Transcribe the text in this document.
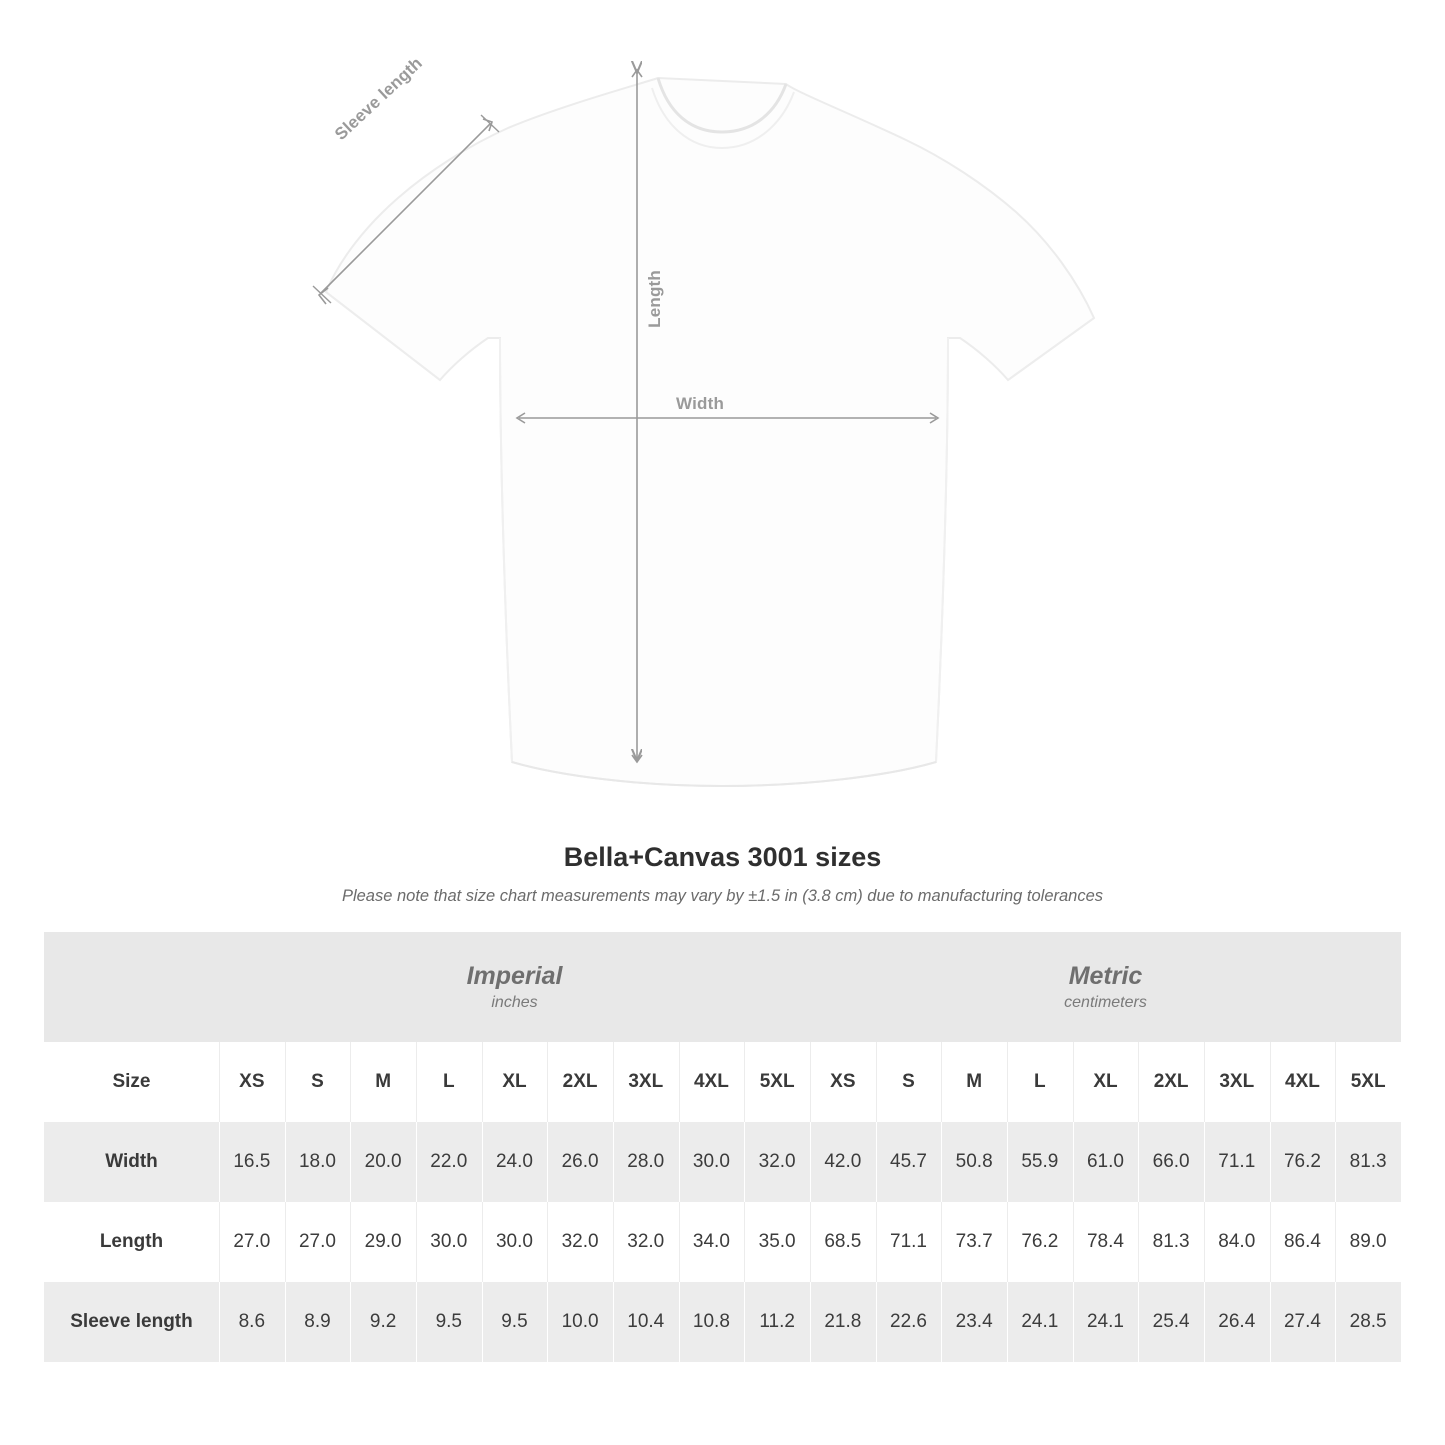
Length
Width
Sleeve length
Bella+Canvas 3001 sizes

Please note that size chart measurements may vary by ±1.5 in (3.8 cm) due to manufacturing tolerances

Imperial
inches

Metric
centimeters

Size	XS	S	M	L	XL	2XL	3XL	4XL	5XL	XS	S	M	L	XL	2XL	3XL	4XL	5XL
Width	16.5	18.0	20.0	22.0	24.0	26.0	28.0	30.0	32.0	42.0	45.7	50.8	55.9	61.0	66.0	71.1	76.2	81.3
Length	27.0	27.0	29.0	30.0	30.0	32.0	32.0	34.0	35.0	68.5	71.1	73.7	76.2	78.4	81.3	84.0	86.4	89.0
Sleeve length	8.6	8.9	9.2	9.5	9.5	10.0	10.4	10.8	11.2	21.8	22.6	23.4	24.1	24.1	25.4	26.4	27.4	28.5
